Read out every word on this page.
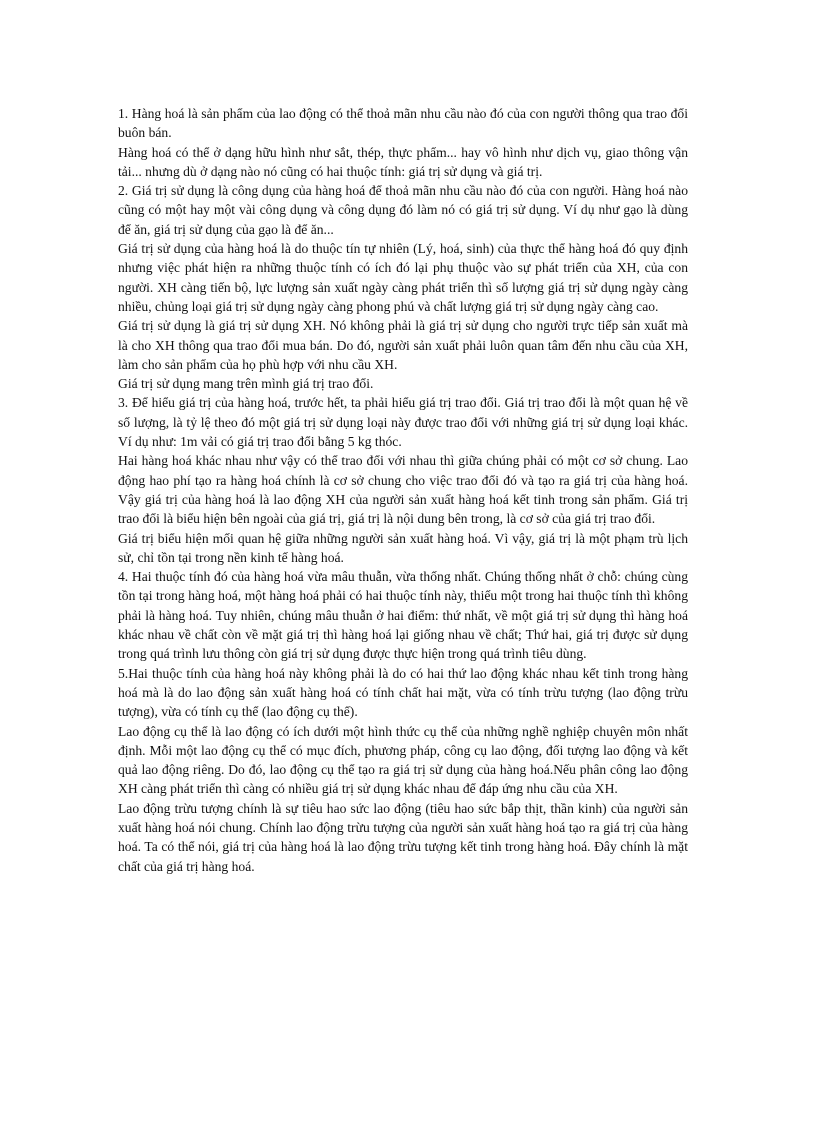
1. Hàng hoá là sản phẩm của lao động có thể thoả mãn nhu cầu nào đó của con người thông qua trao đổi buôn bán.

Hàng hoá có thể ở dạng hữu hình như sắt, thép, thực phẩm... hay vô hình như dịch vụ, giao thông vận tải... nhưng dù ở dạng nào nó cũng có hai thuộc tính: giá trị sử dụng và giá trị.

2. Giá trị sử dụng là công dụng của hàng hoá để thoả mãn nhu cầu nào đó của con người. Hàng hoá nào cũng có một hay một vài công dụng và công dụng đó làm nó có giá trị sử dụng. Ví dụ như gạo là dùng để ăn, giá trị sử dụng của gạo là để ăn...

Giá trị sử dụng của hàng hoá là do thuộc tín tự nhiên (Lý, hoá, sinh) của thực thể hàng hoá đó quy định nhưng việc phát hiện ra những thuộc tính có ích đó lại phụ thuộc vào sự phát triển của XH, của con người. XH càng tiến bộ, lực lượng sản xuất ngày càng phát triển thì số lượng giá trị sử dụng ngày càng nhiều, chủng loại giá trị sử dụng ngày càng phong phú và chất lượng giá trị sử dụng ngày càng cao.

Giá trị sử dụng là giá trị sử dụng XH. Nó không phải là giá trị sử dụng cho người trực tiếp sản xuất mà là cho XH thông qua trao đổi mua bán. Do đó, người sản xuất phải luôn quan tâm đến nhu cầu của XH, làm cho sản phẩm của họ phù hợp với nhu cầu XH.

Giá trị sử dụng mang trên mình giá trị trao đổi.

3. Để hiểu giá trị của hàng hoá, trước hết, ta phải hiểu giá trị trao đổi. Giá trị trao đổi là một quan hệ về số lượng, là tỷ lệ theo đó một giá trị sử dụng loại này được trao đổi với những giá trị sử dụng loại khác. Ví dụ như: 1m vải có giá trị trao đổi bằng 5 kg thóc.

Hai hàng hoá khác nhau như vậy có thể trao đổi với nhau thì giữa chúng phải có một cơ sở chung. Lao động hao phí tạo ra hàng hoá chính là cơ sở chung cho việc trao đổi đó và tạo ra giá trị của hàng hoá. Vậy giá trị của hàng hoá là lao động XH của người sản xuất hàng hoá kết tinh trong sản phẩm. Giá trị trao đổi là biểu hiện bên ngoài của giá trị, giá trị là nội dung bên trong, là cơ sở của giá trị trao đổi.

Giá trị biểu hiện mối quan hệ giữa những người sản xuất hàng hoá. Vì vậy, giá trị là một phạm trù lịch sử, chỉ tồn tại trong nền kinh tế hàng hoá.

4. Hai thuộc tính đó của hàng hoá vừa mâu thuẫn, vừa thống nhất. Chúng thống nhất ở chỗ: chúng cùng tồn tại trong hàng hoá, một hàng hoá phải có hai thuộc tính này, thiếu một trong hai thuộc tính thì không phải là hàng hoá. Tuy nhiên, chúng mâu thuẫn ở hai điểm: thứ nhất, về một giá trị sử dụng thì hàng hoá khác nhau về chất còn về mặt giá trị thì hàng hoá lại giống nhau về chất; Thứ hai, giá trị được sử dụng trong quá trình lưu thông còn giá trị sử dụng được thực hiện trong quá trình tiêu dùng.

5.Hai thuộc tính của hàng hoá này không phải là do có hai thứ lao động khác nhau kết tinh trong hàng hoá mà là do lao động sản xuất hàng hoá có tính chất hai mặt, vừa có tính trừu tượng (lao động trừu tượng), vừa có tính cụ thể (lao động cụ thể).

Lao động cụ thể là lao động có ích dưới một hình thức cụ thể của những nghề nghiệp chuyên môn nhất định. Mỗi một lao động cụ thể có mục đích, phương pháp, công cụ lao động, đối tượng lao động và kết quả lao động riêng. Do đó, lao động cụ thể tạo ra giá trị sử dụng của hàng hoá.Nếu phân công lao động XH càng phát triển thì càng có nhiều giá trị sử dụng khác nhau để đáp ứng nhu cầu của XH.

Lao động trừu tượng chính là sự tiêu hao sức lao động (tiêu hao sức bắp thịt, thần kinh) của người sản xuất hàng hoá nói chung. Chính lao động trừu tượng của người sản xuất hàng hoá tạo ra giá trị của hàng hoá. Ta có thể nói, giá trị của hàng hoá là lao động trừu tượng kết tinh trong hàng hoá. Đây chính là mặt chất của giá trị hàng hoá.
